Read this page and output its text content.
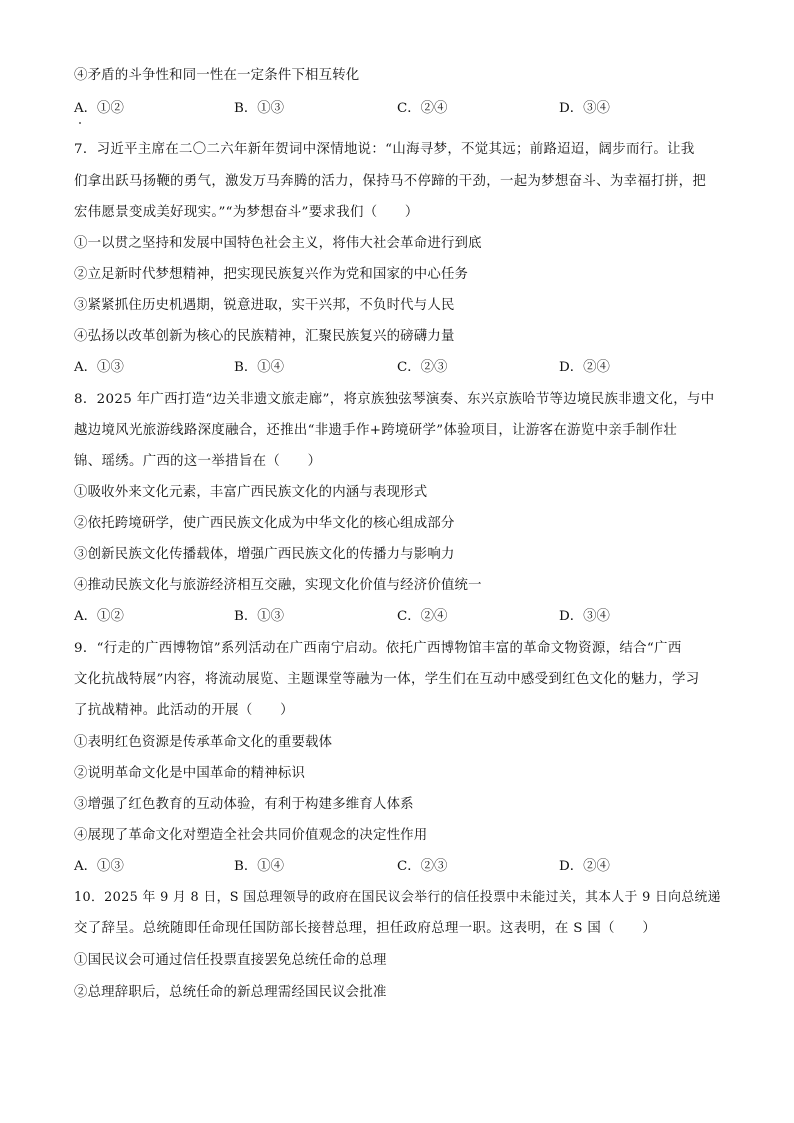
④矛盾的斗争性和同一性在一定条件下相互转化
A．①②	B．①③	C．②④	D．③④
7．习近平主席在二〇二六年新年贺词中深情地说：“山海寻梦，不觉其远；前路迢迢，阔步而行。让我
们拿出跃马扬鞭的勇气，激发万马奔腾的活力，保持马不停蹄的干劲，一起为梦想奋斗、为幸福打拼，把
宏伟愿景变成美好现实。”“为梦想奋斗”要求我们（　　）
①一以贯之坚持和发展中国特色社会主义，将伟大社会革命进行到底
②立足新时代梦想精神，把实现民族复兴作为党和国家的中心任务
③紧紧抓住历史机遇期，锐意进取，实干兴邦，不负时代与人民
④弘扬以改革创新为核心的民族精神，汇聚民族复兴的磅礴力量
A．①③	B．①④	C．②③	D．②④
8．2025 年广西打造“边关非遗文旅走廊”，将京族独弦琴演奏、东兴京族哈节等边境民族非遗文化，与中
越边境风光旅游线路深度融合，还推出“非遗手作+跨境研学”体验项目，让游客在游览中亲手制作壮
锦、瑶绣。广西的这一举措旨在（　　）
①吸收外来文化元素，丰富广西民族文化的内涵与表现形式
②依托跨境研学，使广西民族文化成为中华文化的核心组成部分
③创新民族文化传播载体，增强广西民族文化的传播力与影响力
④推动民族文化与旅游经济相互交融，实现文化价值与经济价值统一
A．①②	B．①③	C．②④	D．③④
9．“行走的广西博物馆”系列活动在广西南宁启动。依托广西博物馆丰富的革命文物资源，结合“广西
文化抗战特展”内容，将流动展览、主题课堂等融为一体，学生们在互动中感受到红色文化的魅力，学习
了抗战精神。此活动的开展（　　）
①表明红色资源是传承革命文化的重要载体
②说明革命文化是中国革命的精神标识
③增强了红色教育的互动体验，有利于构建多维育人体系
④展现了革命文化对塑造全社会共同价值观念的决定性作用
A．①③	B．①④	C．②③	D．②④
10．2025 年 9 月 8 日，S 国总理领导的政府在国民议会举行的信任投票中未能过关，其本人于 9 日向总统递
交了辞呈。总统随即任命现任国防部长接替总理，担任政府总理一职。这表明，在 S 国（　　）
①国民议会可通过信任投票直接罢免总统任命的总理
②总理辞职后，总统任命的新总理需经国民议会批准
